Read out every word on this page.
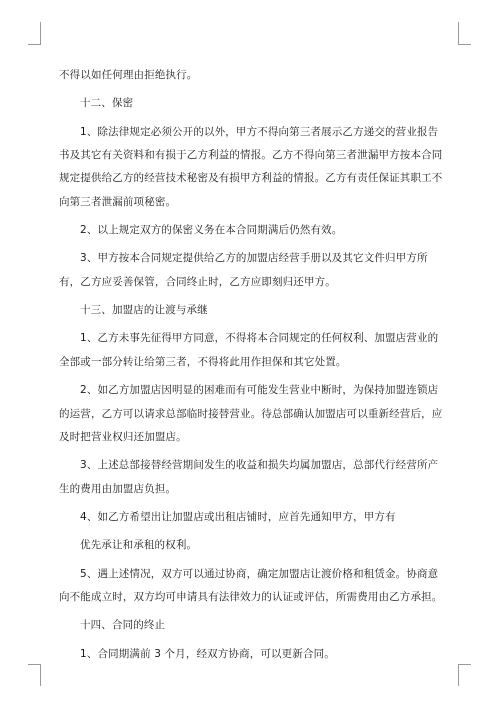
不得以如任何理由拒绝执行。

十二、保密

1、除法律规定必须公开的以外，甲方不得向第三者展示乙方递交的营业报告书及其它有关资料和有损于乙方利益的情报。乙方不得向第三者泄漏甲方按本合同规定提供给乙方的经营技术秘密及有损甲方利益的情报。乙方有责任保证其职工不向第三者泄漏前项秘密。

2、以上规定双方的保密义务在本合同期满后仍然有效。

3、甲方按本合同规定提供给乙方的加盟店经营手册以及其它文件归甲方所有，乙方应妥善保管，合同终止时，乙方应即刻归还甲方。

十三、加盟店的让渡与承继

1、乙方未事先征得甲方同意，不得将本合同规定的任何权利、加盟店营业的全部或一部分转让给第三者，不得将此用作担保和其它处置。

2、如乙方加盟店因明显的困难而有可能发生营业中断时，为保持加盟连锁店的运营，乙方可以请求总部临时接替营业。待总部确认加盟店可以重新经营后，应及时把营业权归还加盟店。

3、上述总部接替经营期间发生的收益和损失均属加盟店，总部代行经营所产生的费用由加盟店负担。

4、如乙方希望出让加盟店或出租店铺时，应首先通知甲方，甲方有

优先承让和承租的权利。

5、遇上述情况，双方可以通过协商，确定加盟店让渡价格和租赁金。协商意向不能成立时，双方均可申请具有法律效力的认证或评估，所需费用由乙方承担。

十四、合同的终止

1、合同期满前 3 个月，经双方协商，可以更新合同。
